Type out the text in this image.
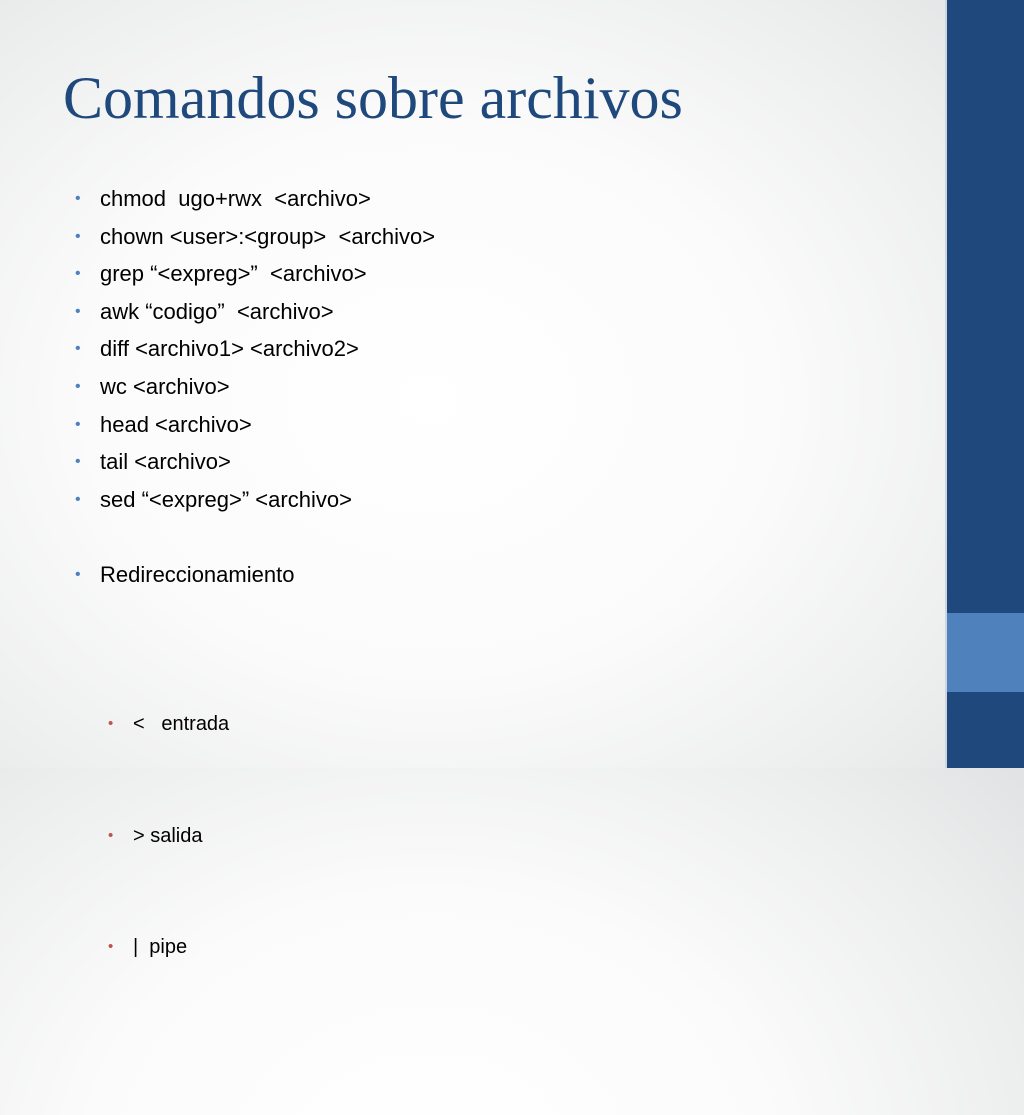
Comandos sobre archivos
• chmod  ugo+rwx  <archivo>
• chown <user>:<group>  <archivo>
• grep “<expreg>”  <archivo>
• awk “codigo”  <archivo>
• diff <archivo1> <archivo2>
• wc <archivo>
• head <archivo>
• tail <archivo>
• sed “<expreg>” <archivo>
• Redireccionamiento

• <   entrada

• > salida

• |  pipe
